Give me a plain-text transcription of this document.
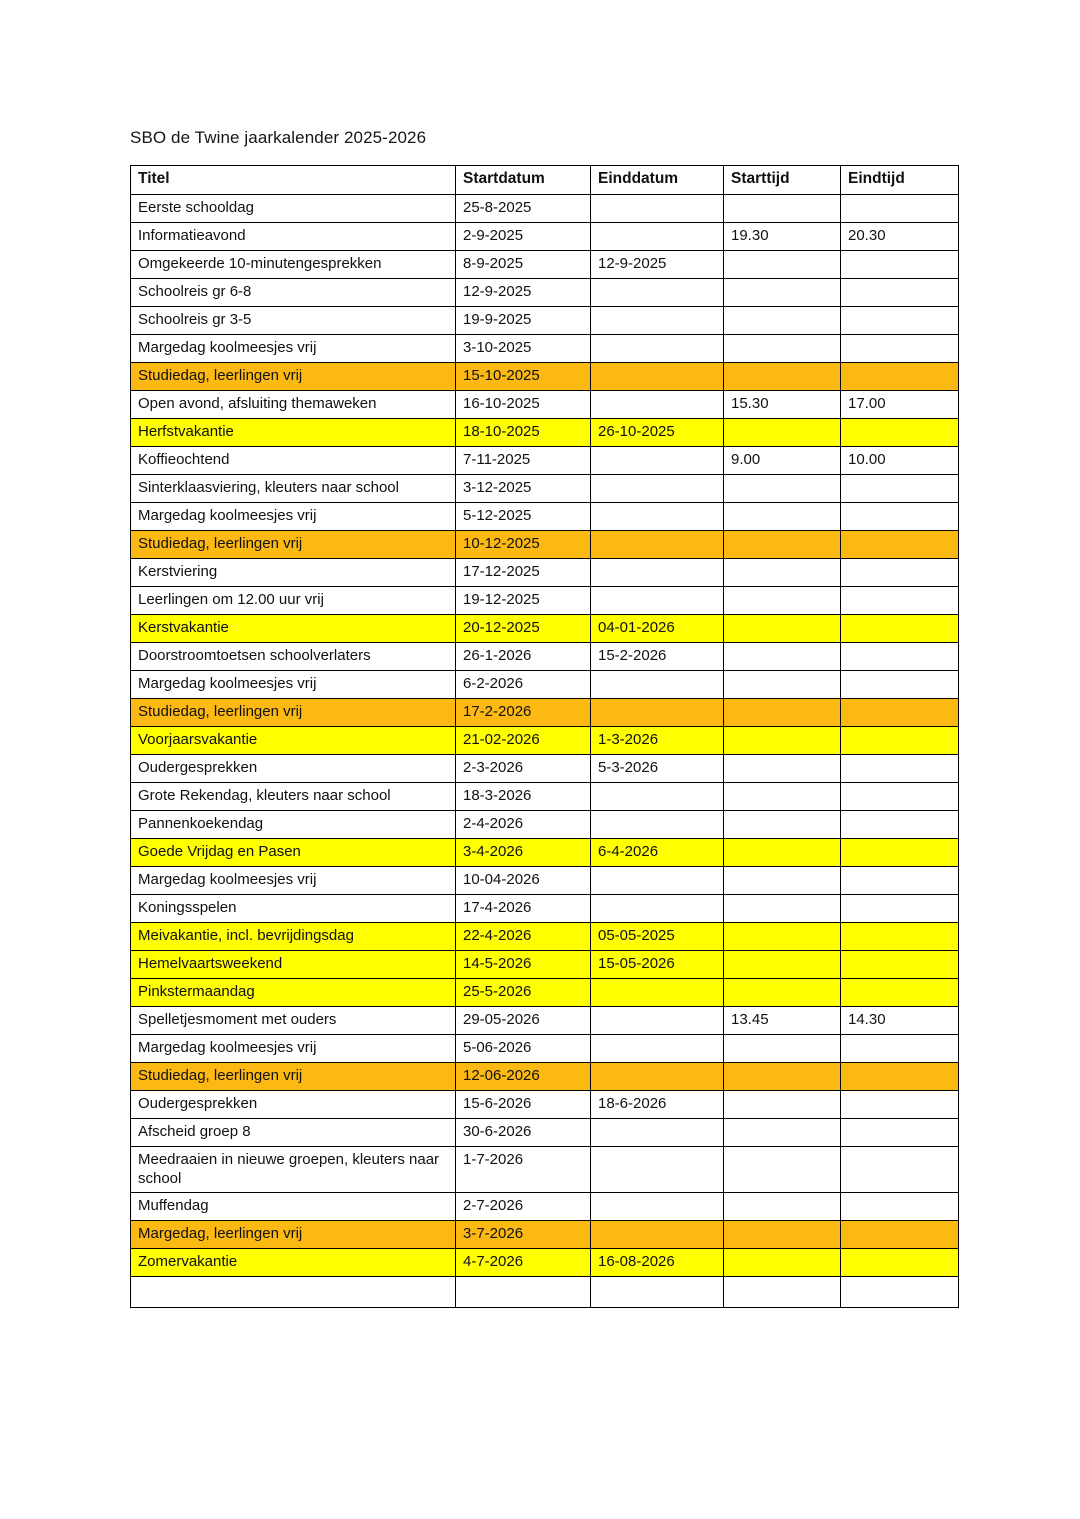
SBO de Twine jaarkalender 2025-2026
Titel	Startdatum	Einddatum	Starttijd	Eindtijd
Eerste schooldag	25-8-2025			
Informatieavond	2-9-2025		19.30	20.30
Omgekeerde 10-minutengesprekken	8-9-2025	12-9-2025		
Schoolreis gr 6-8	12-9-2025			
Schoolreis gr 3-5	19-9-2025			
Margedag koolmeesjes vrij	3-10-2025			
Studiedag, leerlingen vrij	15-10-2025			
Open avond, afsluiting themaweken	16-10-2025		15.30	17.00
Herfstvakantie	18-10-2025	26-10-2025		
Koffieochtend	7-11-2025		9.00	10.00
Sinterklaasviering, kleuters naar school	3-12-2025			
Margedag koolmeesjes vrij	5-12-2025			
Studiedag, leerlingen vrij	10-12-2025			
Kerstviering	17-12-2025			
Leerlingen om 12.00 uur vrij	19-12-2025			
Kerstvakantie	20-12-2025	04-01-2026		
Doorstroomtoetsen schoolverlaters	26-1-2026	15-2-2026		
Margedag koolmeesjes vrij	6-2-2026			
Studiedag, leerlingen vrij	17-2-2026			
Voorjaarsvakantie	21-02-2026	1-3-2026		
Oudergesprekken	2-3-2026	5-3-2026		
Grote Rekendag, kleuters naar school	18-3-2026			
Pannenkoekendag	2-4-2026			
Goede Vrijdag en Pasen	3-4-2026	6-4-2026		
Margedag koolmeesjes vrij	10-04-2026			
Koningsspelen	17-4-2026			
Meivakantie, incl. bevrijdingsdag	22-4-2026	05-05-2025		
Hemelvaartsweekend	14-5-2026	15-05-2026		
Pinkstermaandag	25-5-2026			
Spelletjesmoment met ouders	29-05-2026		13.45	14.30
Margedag koolmeesjes vrij	5-06-2026			
Studiedag, leerlingen vrij	12-06-2026			
Oudergesprekken	15-6-2026	18-6-2026		
Afscheid groep 8	30-6-2026			
Meedraaien in nieuwe groepen, kleuters naar school	1-7-2026			
Muffendag	2-7-2026			
Margedag, leerlingen vrij	3-7-2026			
Zomervakantie	4-7-2026	16-08-2026		
